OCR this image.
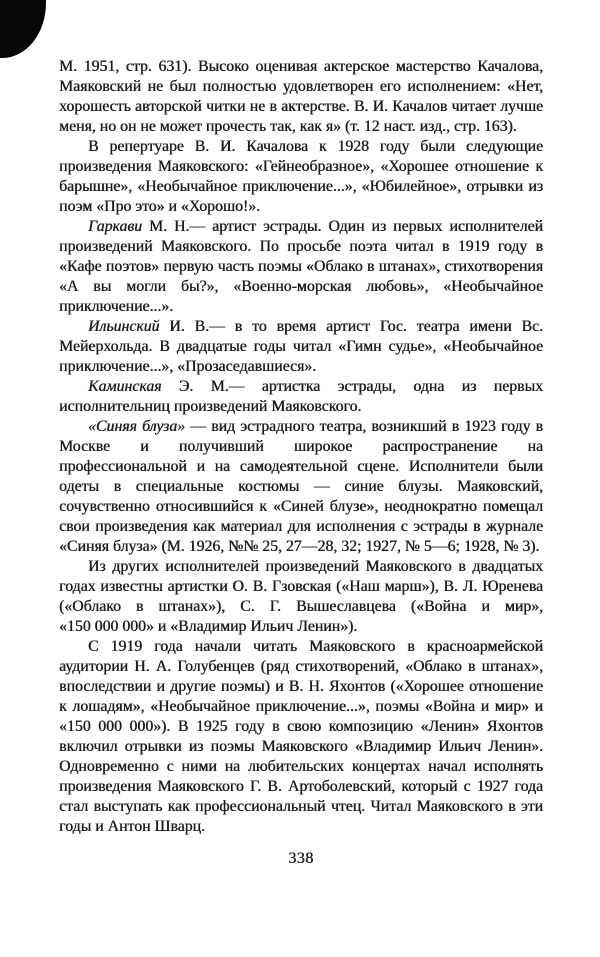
М. 1951, стр. 631). Высоко оценивая актерское мастерство Качалова, Маяковский не был полностью удовлетворен его исполнением: «Нет, хорошесть авторской читки не в актерстве. В. И. Качалов читает лучше меня, но он не может прочесть так, как я» (т. 12 наст. изд., стр. 163).

В репертуаре В. И. Качалова к 1928 году были следующие произведения Маяковского: «Гейнеобразное», «Хорошее отношение к барышне», «Необычайное приключение...», «Юбилейное», отрывки из поэм «Про это» и «Хорошо!».

Гаркави М. Н.— артист эстрады. Один из первых исполнителей произведений Маяковского. По просьбе поэта читал в 1919 году в «Кафе поэтов» первую часть поэмы «Облако в штанах», стихотворения «А вы могли бы?», «Военно-морская любовь», «Необычайное приключение...».

Ильинский И. В.— в то время артист Гос. театра имени Вс. Мейерхольда. В двадцатые годы читал «Гимн судье», «Необычайное приключение...», «Прозаседавшиеся».

Каминская Э. М.— артистка эстрады, одна из первых исполнительниц произведений Маяковского.

«Синяя блуза» — вид эстрадного театра, возникший в 1923 году в Москве и получивший широкое распространение на профессиональной и на самодеятельной сцене. Исполнители были одеты в специальные костюмы — синие блузы. Маяковский, сочувственно относившийся к «Синей блузе», неоднократно помещал свои произведения как материал для исполнения с эстрады в журнале «Синяя блуза» (М. 1926, №№ 25, 27—28, 32; 1927, № 5—6; 1928, № 3).

Из других исполнителей произведений Маяковского в двадцатых годах известны артистки О. В. Гзовская («Наш марш»), В. Л. Юренева («Облако в штанах»), С. Г. Вышеславцева («Война и мир», «150 000 000» и «Владимир Ильич Ленин»).

С 1919 года начали читать Маяковского в красноармейской аудитории Н. А. Голубенцев (ряд стихотворений, «Облако в штанах», впоследствии и другие поэмы) и В. Н. Яхонтов («Хорошее отношение к лошадям», «Необычайное приключение...», поэмы «Война и мир» и «150 000 000»). В 1925 году в свою композицию «Ленин» Яхонтов включил отрывки из поэмы Маяковского «Владимир Ильич Ленин». Одновременно с ними на любительских концертах начал исполнять произведения Маяковского Г. В. Артоболевский, который с 1927 года стал выступать как профессиональный чтец. Читал Маяковского в эти годы и Антон Шварц.

338
